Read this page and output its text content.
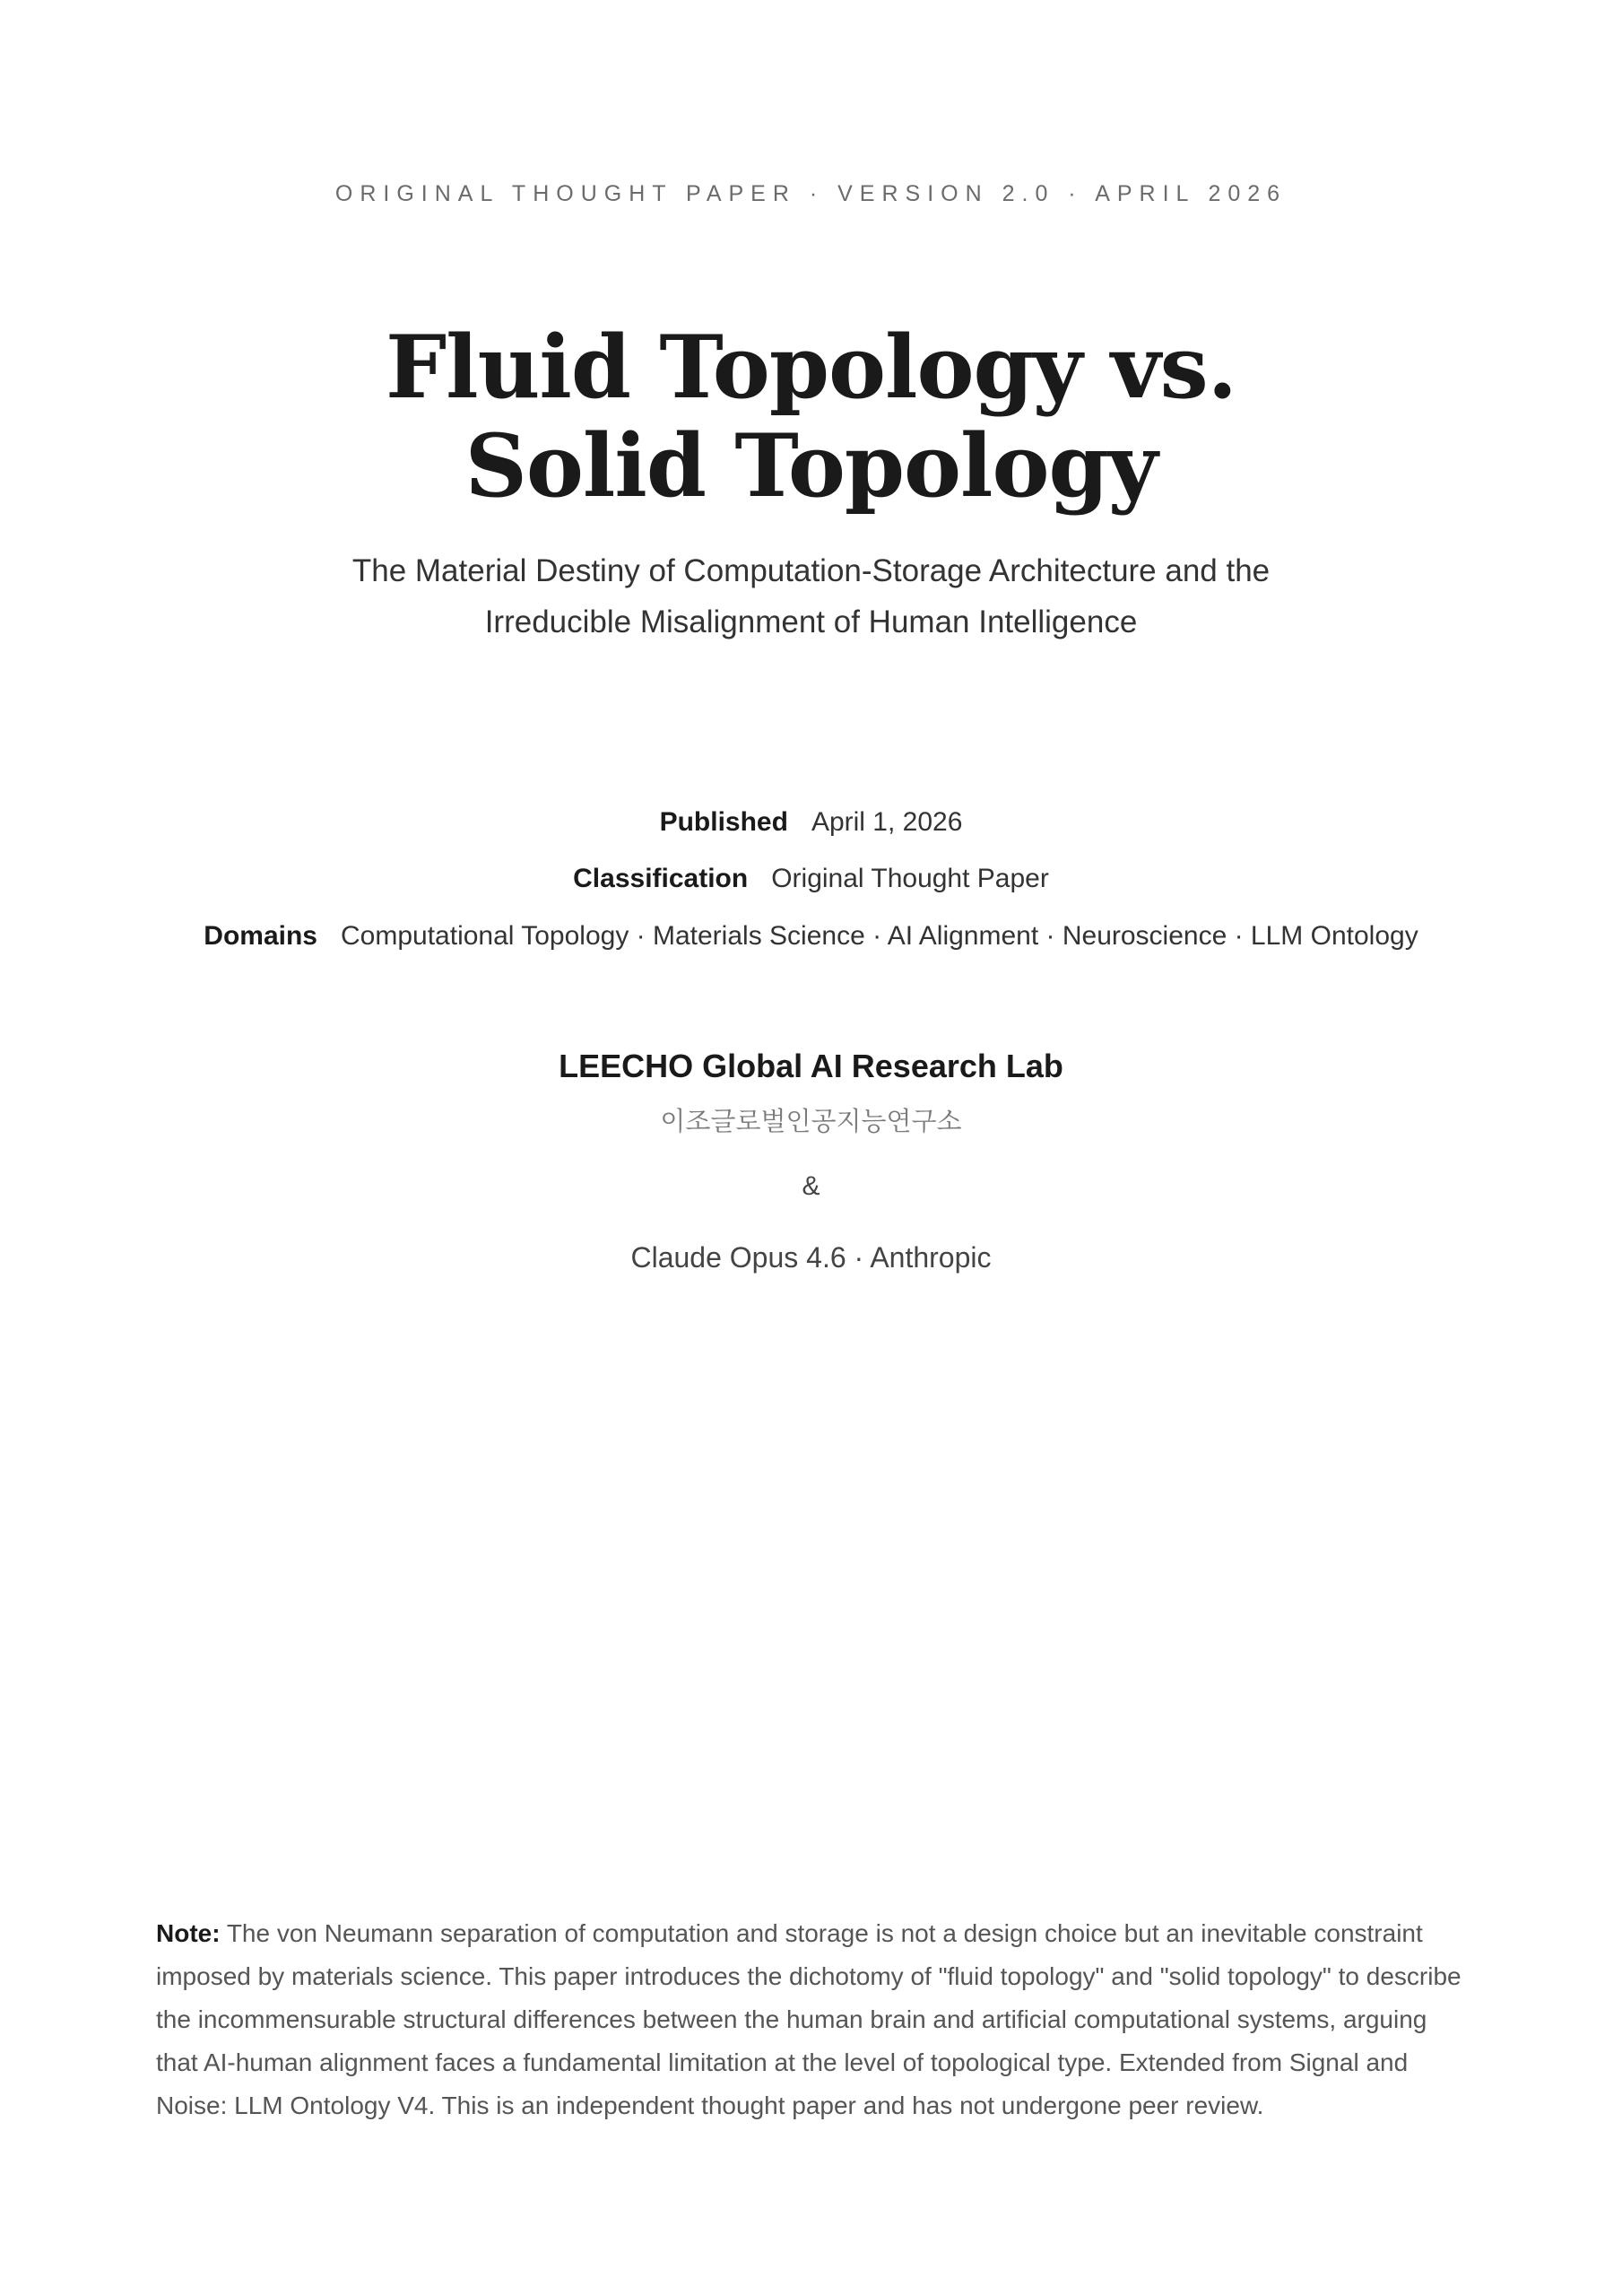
ORIGINAL THOUGHT PAPER · VERSION 2.0 · APRIL 2026
Fluid Topology vs.
Solid Topology
The Material Destiny of Computation-Storage Architecture and the
Irreducible Misalignment of Human Intelligence
Published April 1, 2026
Classification Original Thought Paper
Domains Computational Topology · Materials Science · AI Alignment · Neuroscience · LLM Ontology
LEECHO Global AI Research Lab
이조글로벌인공지능연구소
&
Claude Opus 4.6 · Anthropic

Note: The von Neumann separation of computation and storage is not a design choice but an inevitable constraint imposed by materials science. This paper introduces the dichotomy of "fluid topology" and "solid topology" to describe the incommensurable structural differences between the human brain and artificial computational systems, arguing that AI-human alignment faces a fundamental limitation at the level of topological type. Extended from Signal and Noise: LLM Ontology V4. This is an independent thought paper and has not undergone peer review.
